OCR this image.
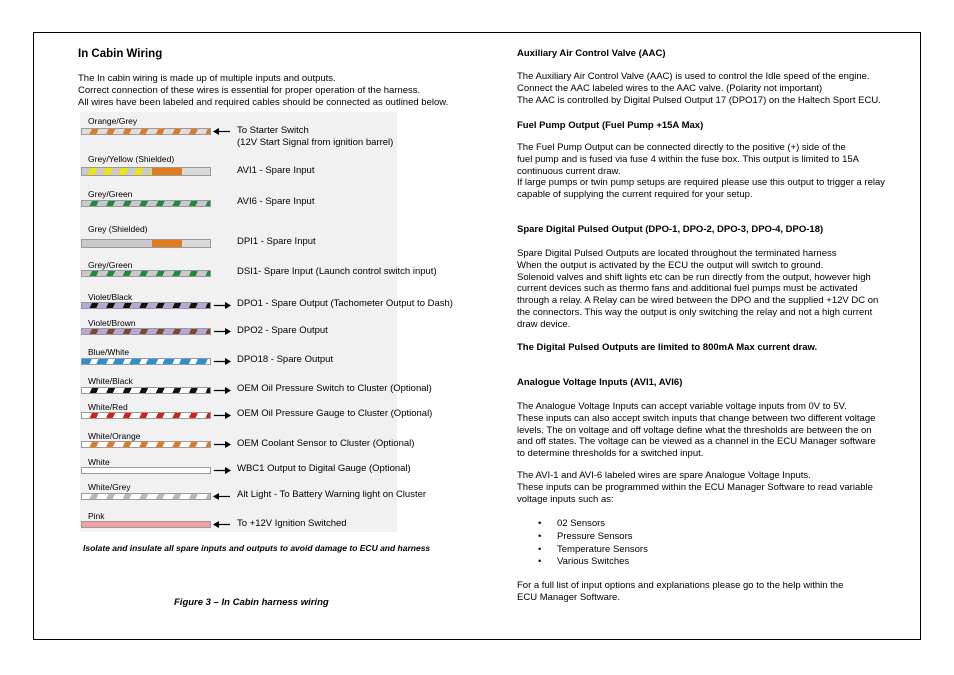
In Cabin Wiring
The In cabin wiring is made up of multiple inputs and outputs.
Correct connection of these wires is essential for proper operation of the harness.
All wires have been labeled and required cables should be connected as outlined below.
Orange/Grey
To Starter Switch
(12V Start Signal from ignition barrel)
Grey/Yellow (Shielded)
AVI1 - Spare Input
Grey/Green
AVI6 - Spare Input
Grey (Shielded)
DPI1 - Spare Input
Grey/Green
DSI1- Spare Input (Launch control switch input)
Violet/Black
DPO1 - Spare Output (Tachometer Output to Dash)
Violet/Brown
DPO2 - Spare Output
Blue/White
DPO18 - Spare Output
White/Black
OEM Oil Pressure Switch to Cluster (Optional)
White/Red
OEM Oil Pressure Gauge to Cluster (Optional)
White/Orange
OEM Coolant Sensor to Cluster (Optional)
White
WBC1 Output to Digital Gauge (Optional)
White/Grey
Alt Light - To Battery Warning light on Cluster
Pink
To +12V Ignition Switched
Isolate and insulate all spare inputs and outputs to avoid damage to ECU and harness
Figure 3 – In Cabin harness wiring
Auxiliary Air Control Valve (AAC)
The Auxiliary Air Control Valve (AAC) is used to control the Idle speed of the engine.
Connect the AAC labeled wires to the AAC valve. (Polarity not important)
The AAC is controlled by Digital Pulsed Output 17 (DPO17) on the Haltech Sport ECU.
Fuel Pump Output (Fuel Pump +15A Max)
The Fuel Pump Output can be connected directly to the positive (+) side of the
fuel pump and is fused via fuse 4 within the fuse box. This output is limited to 15A
continuous current draw.
If large pumps or twin pump setups are required please use this output to trigger a relay
capable of supplying the current required for your setup.
Spare Digital Pulsed Output (DPO-1, DPO-2, DPO-3, DPO-4, DPO-18)
Spare Digital Pulsed Outputs are located throughout the terminated harness
When the output is activated by the ECU the output will switch to ground.
Solenoid valves and shift lights etc can be run directly from the output, however high
current devices such as thermo fans and additional fuel pumps must be activated
through a relay. A Relay can be wired between the DPO and the supplied +12V DC on
the connectors. This way the output is only switching the relay and not a high current
draw device.
The Digital Pulsed Outputs are limited to 800mA Max current draw.
Analogue Voltage Inputs (AVI1, AVI6)
The Analogue Voltage Inputs can accept variable voltage inputs from 0V to 5V.
These inputs can also accept switch inputs that change between two different voltage
levels. The on voltage and off voltage define what the thresholds are between the on
and off states. The voltage can be viewed as a channel in the ECU Manager software
to determine thresholds for a switched input.
The AVI-1 and AVI-6 labeled wires are spare Analogue Voltage Inputs.
These inputs can be programmed within the ECU Manager Software to read variable
voltage inputs such as:
• 02 Sensors
• Pressure Sensors
• Temperature Sensors
• Various Switches
For a full list of input options and explanations please go to the help within the
ECU Manager Software.
